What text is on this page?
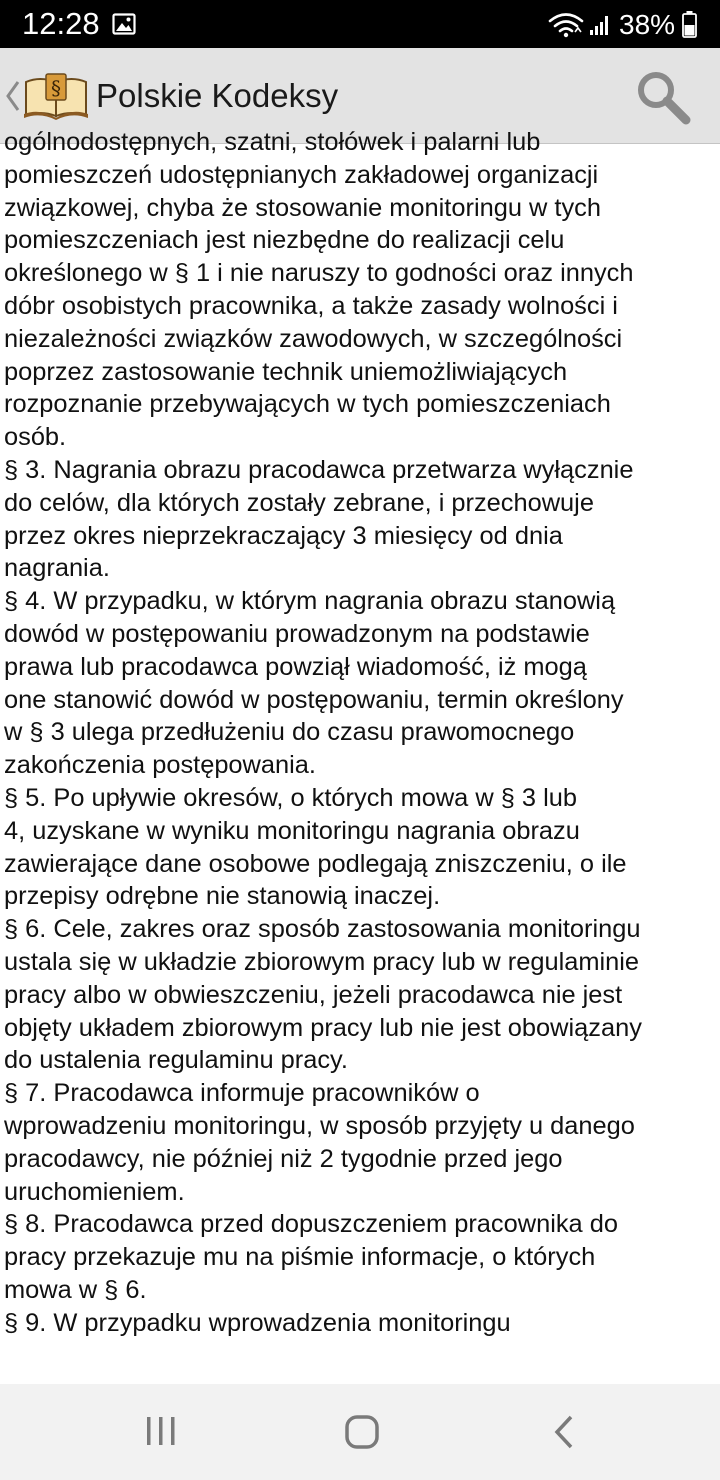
12:28	38%
§ Polskie Kodeksy
ogólnodostępnych, szatni, stołówek i palarni lub
pomieszczeń udostępnianych zakładowej organizacji
związkowej, chyba że stosowanie monitoringu w tych
pomieszczeniach jest niezbędne do realizacji celu
określonego w § 1 i nie naruszy to godności oraz innych
dóbr osobistych pracownika, a także zasady wolności i
niezależności związków zawodowych, w szczególności
poprzez zastosowanie technik uniemożliwiających
rozpoznanie przebywających w tych pomieszczeniach
osób.
§ 3. Nagrania obrazu pracodawca przetwarza wyłącznie
do celów, dla których zostały zebrane, i przechowuje
przez okres nieprzekraczający 3 miesięcy od dnia
nagrania.
§ 4. W przypadku, w którym nagrania obrazu stanowią
dowód w postępowaniu prowadzonym na podstawie
prawa lub pracodawca powziął wiadomość, iż mogą
one stanowić dowód w postępowaniu, termin określony
w § 3 ulega przedłużeniu do czasu prawomocnego
zakończenia postępowania.
§ 5. Po upływie okresów, o których mowa w § 3 lub
4, uzyskane w wyniku monitoringu nagrania obrazu
zawierające dane osobowe podlegają zniszczeniu, o ile
przepisy odrębne nie stanowią inaczej.
§ 6. Cele, zakres oraz sposób zastosowania monitoringu
ustala się w układzie zbiorowym pracy lub w regulaminie
pracy albo w obwieszczeniu, jeżeli pracodawca nie jest
objęty układem zbiorowym pracy lub nie jest obowiązany
do ustalenia regulaminu pracy.
§ 7. Pracodawca informuje pracowników o
wprowadzeniu monitoringu, w sposób przyjęty u danego
pracodawcy, nie później niż 2 tygodnie przed jego
uruchomieniem.
§ 8. Pracodawca przed dopuszczeniem pracownika do
pracy przekazuje mu na piśmie informacje, o których
mowa w § 6.
§ 9. W przypadku wprowadzenia monitoringu
